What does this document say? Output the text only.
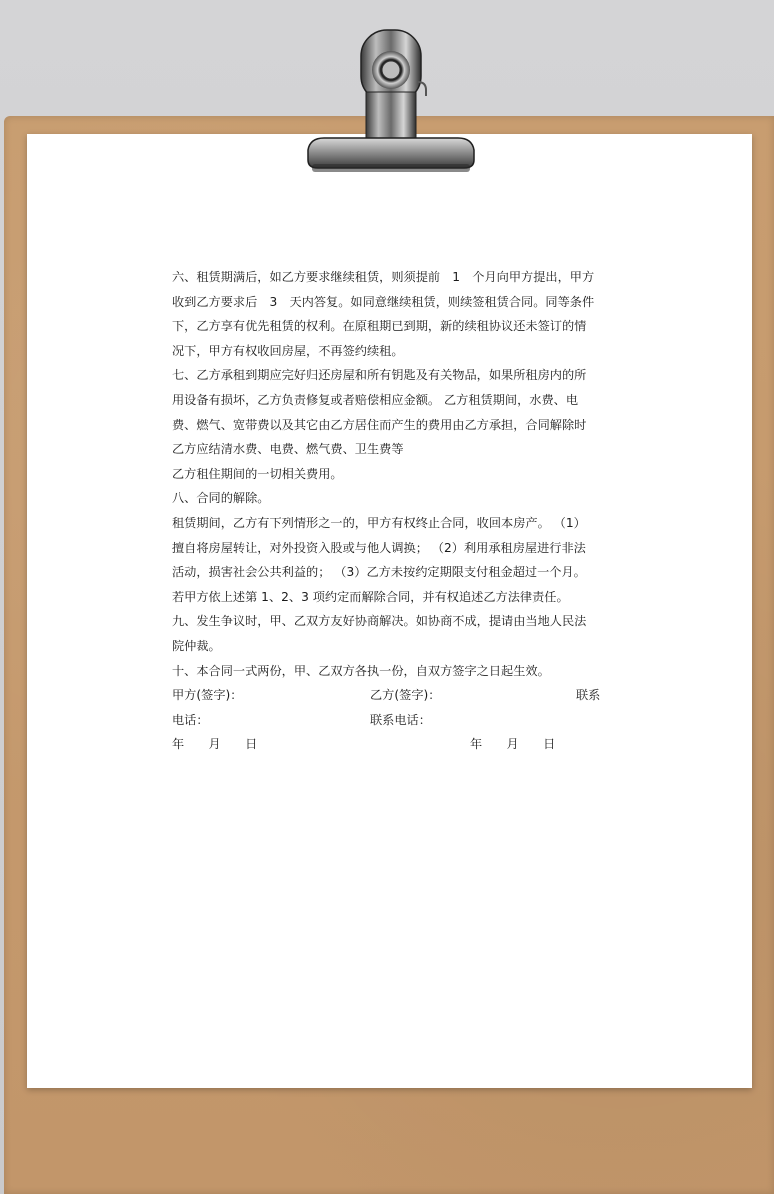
六、租赁期满后，如乙方要求继续租赁，则须提前　1　个月向甲方提出，甲方

收到乙方要求后　3　天内答复。如同意继续租赁，则续签租赁合同。同等条件

下，乙方享有优先租赁的权利。在原租期已到期，新的续租协议还未签订的情

况下，甲方有权收回房屋，不再签约续租。

七、乙方承租到期应完好归还房屋和所有钥匙及有关物品，如果所租房内的所

用设备有损坏，乙方负责修复或者赔偿相应金额。 乙方租赁期间，水费、电

费、燃气、宽带费以及其它由乙方居住而产生的费用由乙方承担，合同解除时

乙方应结清水费、电费、燃气费、卫生费等

乙方租住期间的一切相关费用。

八、合同的解除。

租赁期间，乙方有下列情形之一的，甲方有权终止合同，收回本房产。 （1）

擅自将房屋转让，对外投资入股或与他人调换； （2）利用承租房屋进行非法

活动，损害社会公共利益的； （3）乙方未按约定期限支付租金超过一个月。

若甲方依上述第 1、2、3 项约定而解除合同，并有权追述乙方法律责任。

九、发生争议时，甲、乙双方友好协商解决。如协商不成，提请由当地人民法

院仲裁。

十、本合同一式两份，甲、乙双方各执一份，自双方签字之日起生效。

甲方(签字)：	乙方(签字)：	联系
电话：	联系电话：
年　　月　　日	年　　月　　日
